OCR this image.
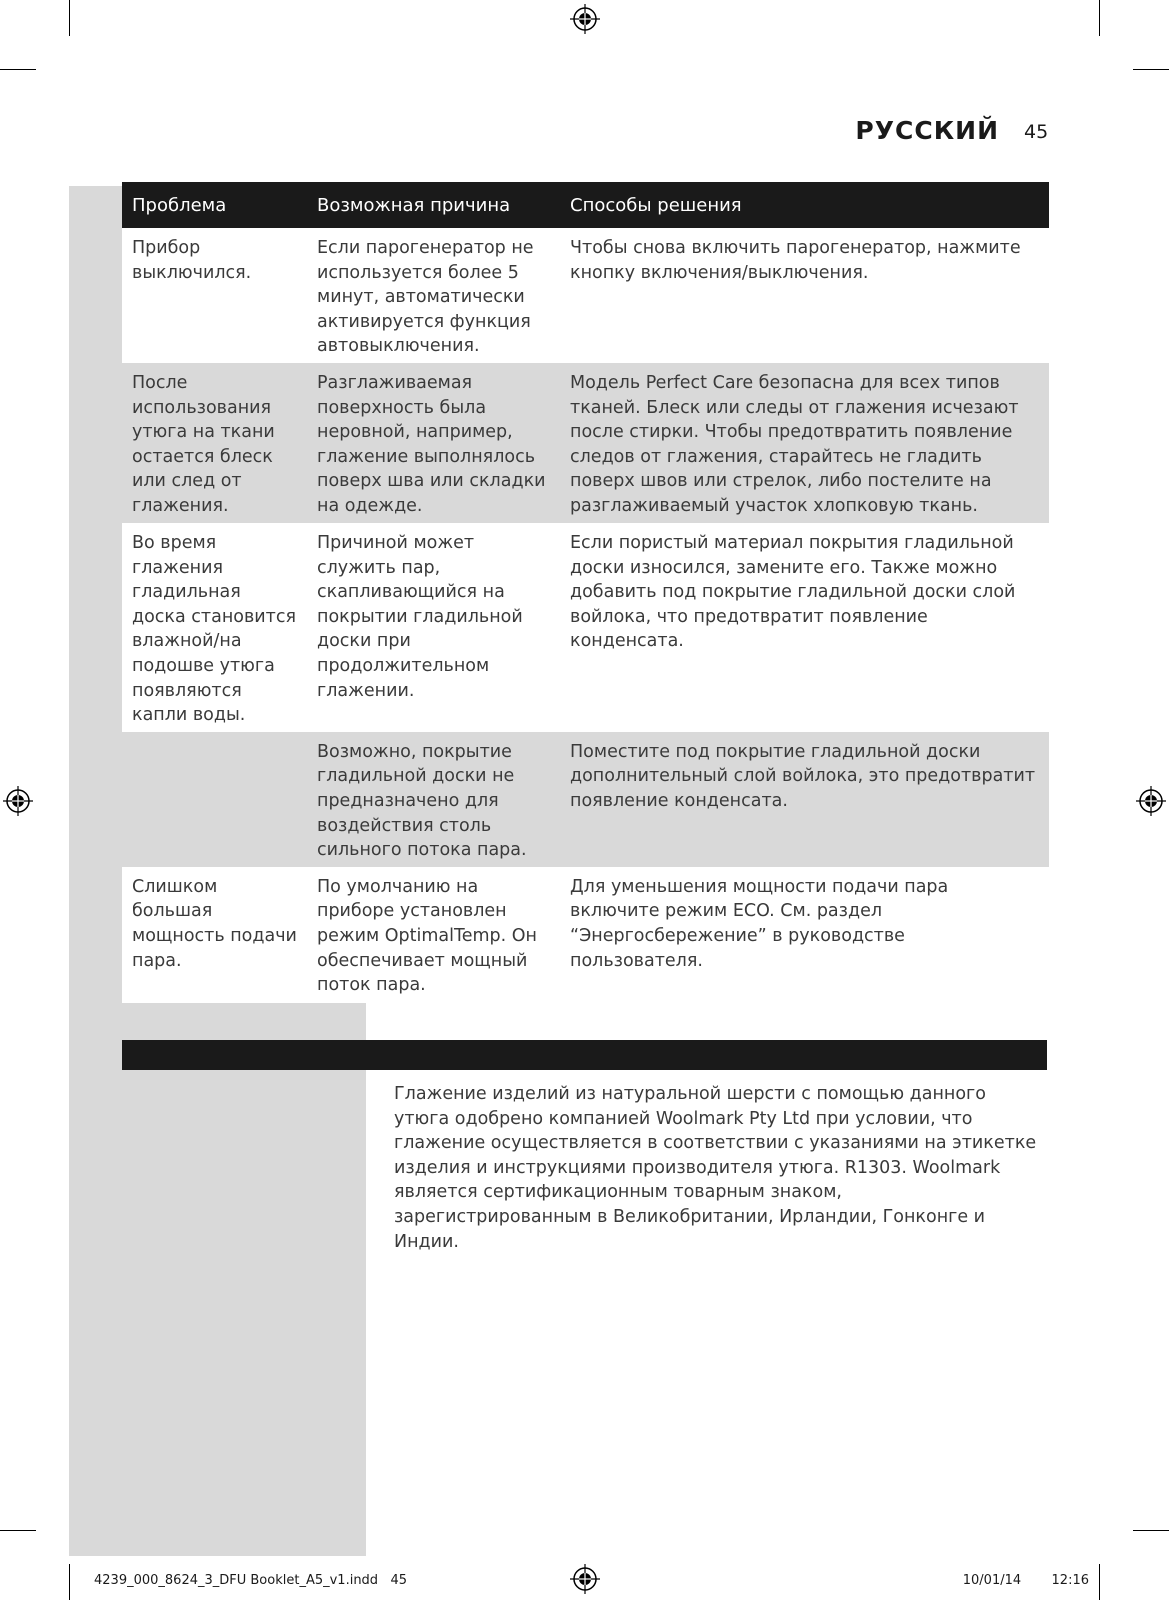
РУССКИЙ 45
Проблема	Возможная причина	Способы решения
Прибор выключился.	Если парогенератор не используется более 5 минут, автоматически активируется функция автовыключения.	Чтобы снова включить парогенератор, нажмите кнопку включения/выключения.
После использования утюга на ткани остается блеск или след от глажения.	Разглаживаемая поверхность была неровной, например, глажение выполнялось поверх шва или складки на одежде.	Модель Perfect Care безопасна для всех типов тканей. Блеск или следы от глажения исчезают после стирки. Чтобы предотвратить появление следов от глажения, старайтесь не гладить поверх швов или стрелок, либо постелите на разглаживаемый участок хлопковую ткань.
Во время глажения гладильная доска становится влажной/на подошве утюга появляются капли воды.	Причиной может служить пар, скапливающийся на покрытии гладильной доски при продолжительном глажении.	Если пористый материал покрытия гладильной доски износился, замените его. Также можно добавить под покрытие гладильной доски слой войлока, что предотвратит появление конденсата.
	Возможно, покрытие гладильной доски не предназначено для воздействия столь сильного потока пара.	Поместите под покрытие гладильной доски дополнительный слой войлока, это предотвратит появление конденсата.
Слишком большая мощность подачи пара.	По умолчанию на приборе установлен режим OptimalTemp. Он обеспечивает мощный поток пара.	Для уменьшения мощности подачи пара включите режим ECO. См. раздел “Энергосбережение” в руководстве пользователя.
Глажение изделий из натуральной шерсти с помощью данного утюга одобрено компанией Woolmark Pty Ltd при условии, что глажение осуществляется в соответствии с указаниями на этикетке изделия и инструкциями производителя утюга. R1303. Woolmark является сертификационным товарным знаком, зарегистрированным в Великобритании, Ирландии, Гонконге и Индии.
4239_000_8624_3_DFU Booklet_A5_v1.indd   45	10/01/14   12:16
